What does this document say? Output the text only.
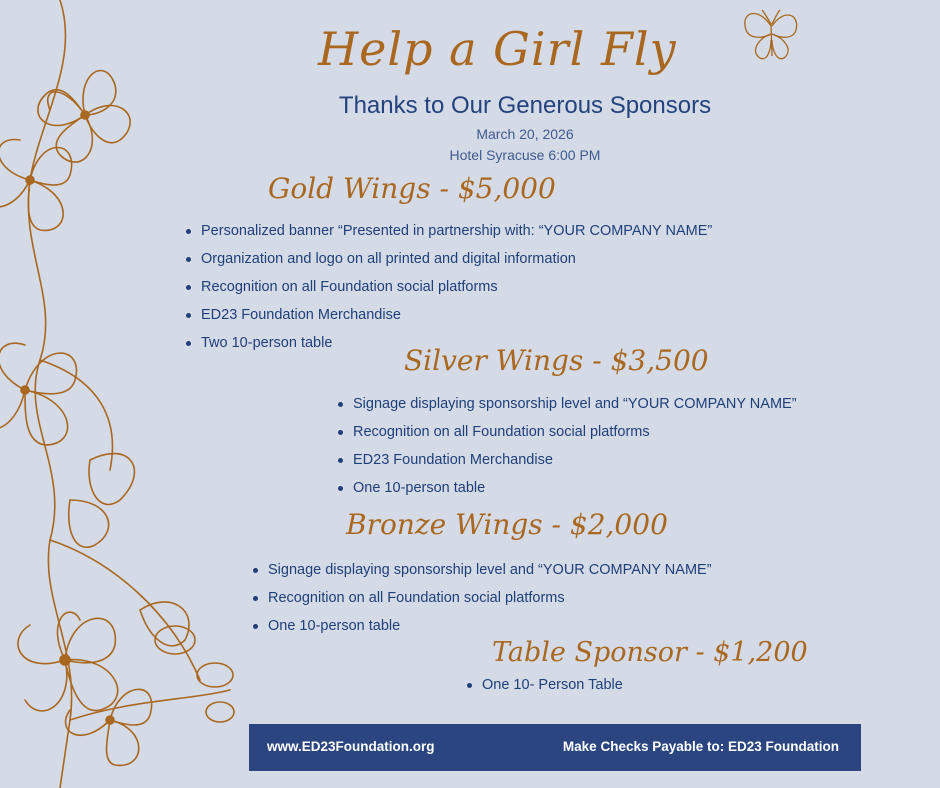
Help a Girl Fly
Thanks to Our Generous Sponsors
March 20, 2026
Hotel Syracuse 6:00 PM
Gold Wings - $5,000
Personalized banner “Presented in partnership with: “YOUR COMPANY NAME”
Organization and logo on all printed and digital information
Recognition on all Foundation social platforms
ED23 Foundation Merchandise
Two 10-person table
Silver Wings - $3,500
Signage displaying sponsorship level and “YOUR COMPANY NAME”
Recognition on all Foundation social platforms
ED23 Foundation Merchandise
One 10-person table
Bronze Wings - $2,000
Signage displaying sponsorship level and “YOUR COMPANY NAME”
Recognition on all Foundation social platforms
One 10-person table
Table Sponsor - $1,200
One 10- Person Table
www.ED23Foundation.org	Make Checks Payable to: ED23 Foundation
